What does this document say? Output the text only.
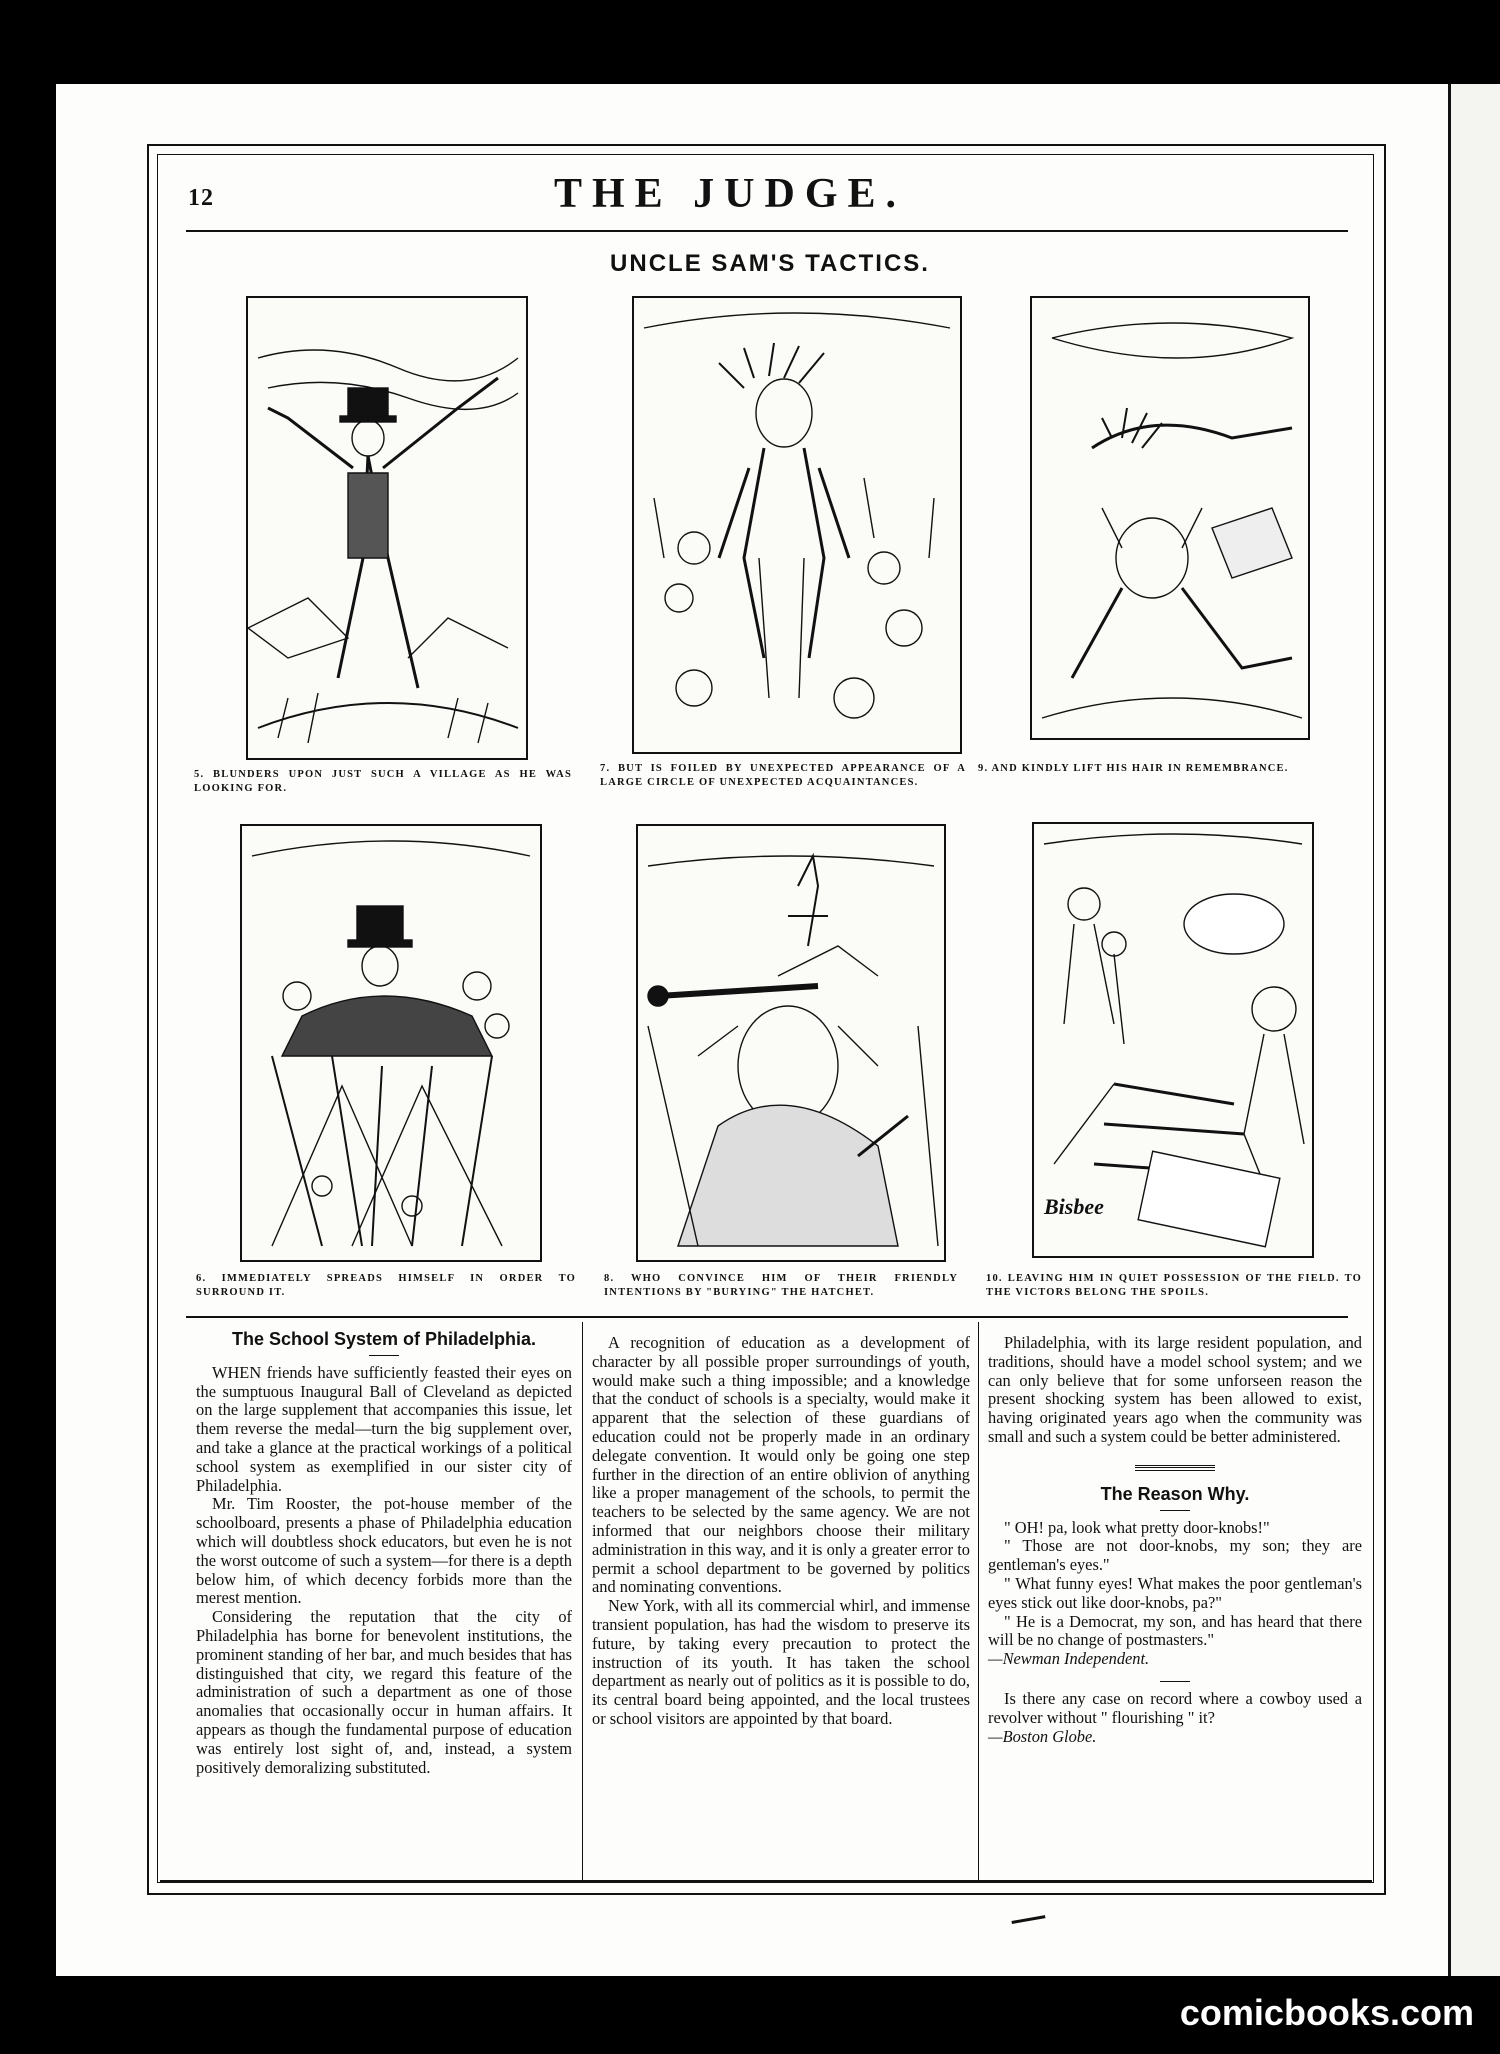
12	THE JUDGE.
UNCLE SAM'S TACTICS.
5. BLUNDERS UPON JUST SUCH A VILLAGE AS HE WAS LOOKING FOR.
7. BUT IS FOILED BY UNEXPECTED APPEARANCE OF A LARGE CIRCLE OF UNEXPECTED ACQUAINTANCES.
9. AND KINDLY LIFT HIS HAIR IN REMEMBRANCE.
6. IMMEDIATELY SPREADS HIMSELF IN ORDER TO SURROUND IT.
8. WHO CONVINCE HIM OF THEIR FRIENDLY INTENTIONS BY "BURYING" THE HATCHET.
Bisbee
10. LEAVING HIM IN QUIET POSSESSION OF THE FIELD. TO THE VICTORS BELONG THE SPOILS.
The School System of Philadelphia.

WHEN friends have sufficiently feasted their eyes on the sumptuous Inaugural Ball of Cleveland as depicted on the large supplement that accompanies this issue, let them reverse the medal—turn the big supplement over, and take a glance at the practical workings of a political school system as exemplified in our sister city of Philadelphia.

Mr. Tim Rooster, the pot-house member of the schoolboard, presents a phase of Philadelphia education which will doubtless shock educators, but even he is not the worst outcome of such a system—for there is a depth below him, of which decency forbids more than the merest mention.

Considering the reputation that the city of Philadelphia has borne for benevolent institutions, the prominent standing of her bar, and much besides that has distinguished that city, we regard this feature of the administration of such a department as one of those anomalies that occasionally occur in human affairs. It appears as though the fundamental purpose of education was entirely lost sight of, and, instead, a system positively demoralizing substituted.

A recognition of education as a development of character by all possible proper surroundings of youth, would make such a thing impossible; and a knowledge that the conduct of schools is a specialty, would make it apparent that the selection of these guardians of education could not be properly made in an ordinary delegate convention. It would only be going one step further in the direction of an entire oblivion of anything like a proper management of the schools, to permit the teachers to be selected by the same agency. We are not informed that our neighbors choose their military administration in this way, and it is only a greater error to permit a school department to be governed by politics and nominating conventions.

New York, with all its commercial whirl, and immense transient population, has had the wisdom to preserve its future, by taking every precaution to protect the instruction of its youth. It has taken the school department as nearly out of politics as it is possible to do, its central board being appointed, and the local trustees or school visitors are appointed by that board.

Philadelphia, with its large resident population, and traditions, should have a model school system; and we can only believe that for some unforseen reason the present shocking system has been allowed to exist, having originated years ago when the community was small and such a system could be better administered.

The Reason Why.

" OH! pa, look what pretty door-knobs!"

" Those are not door-knobs, my son; they are gentleman's eyes."

" What funny eyes! What makes the poor gentleman's eyes stick out like door-knobs, pa?"

" He is a Democrat, my son, and has heard that there will be no change of postmasters."

—Newman Independent.

Is there any case on record where a cowboy used a revolver without " flourishing " it?

—Boston Globe.

comicbooks.com
